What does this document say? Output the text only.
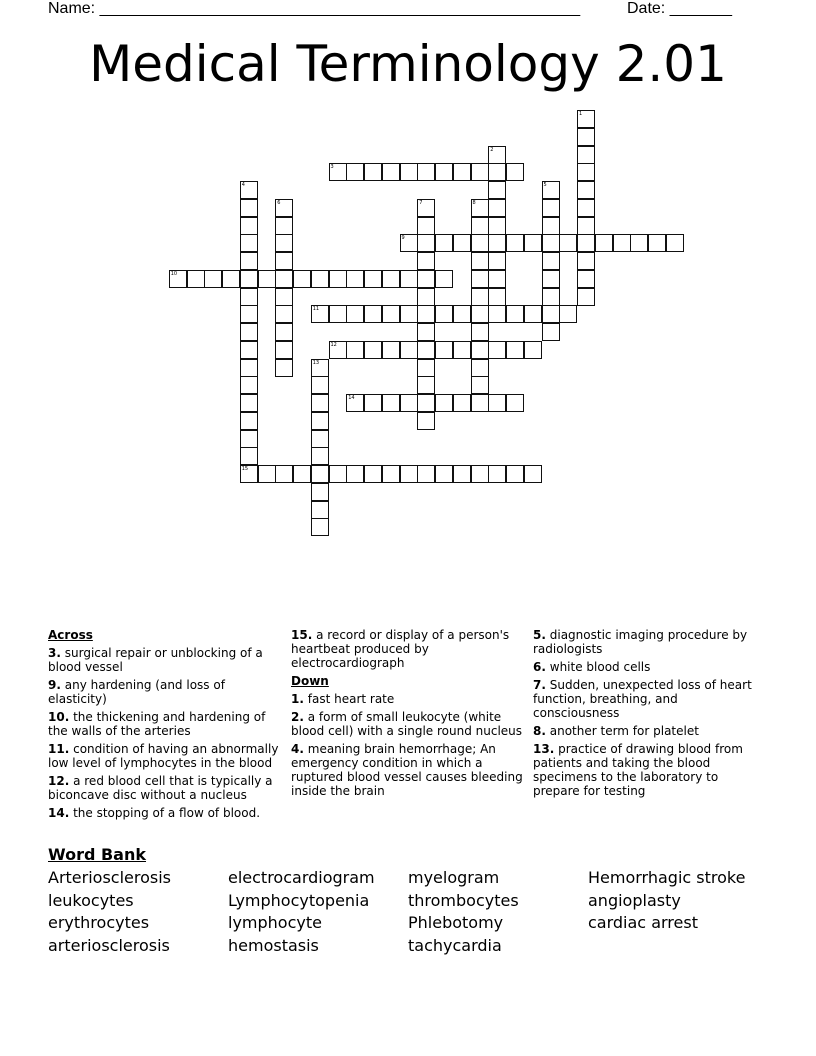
Name: ______________________________________________________	Date: _______
Medical Terminology 2.01
1
2
3
4
15
5
6	7	8
9
10
11
12
13
14
Across
3. surgical repair or unblocking of a blood vessel
9. any hardening (and loss of elasticity)
10. the thickening and hardening of the walls of the arteries
11. condition of having an abnormally low level of lymphocytes in the blood
12. a red blood cell that is typically a biconcave disc without a nucleus
14. the stopping of a flow of blood.
15. a record or display of a person's heartbeat produced by electrocardiograph
Down
1. fast heart rate
2. a form of small leukocyte (white blood cell) with a single round nucleus
4. meaning brain hemorrhage; An emergency condition in which a ruptured blood vessel causes bleeding inside the brain
5. diagnostic imaging procedure by radiologists
6. white blood cells
7. Sudden, unexpected loss of heart function, breathing, and consciousness
8. another term for platelet
13. practice of drawing blood from patients and taking the blood specimens to the laboratory to prepare for testing
Word Bank
Arteriosclerosis
leukocytes
erythrocytes
arteriosclerosis
electrocardiogram
Lymphocytopenia
lymphocyte
hemostasis
myelogram
thrombocytes
Phlebotomy
tachycardia
Hemorrhagic stroke
angioplasty
cardiac arrest
